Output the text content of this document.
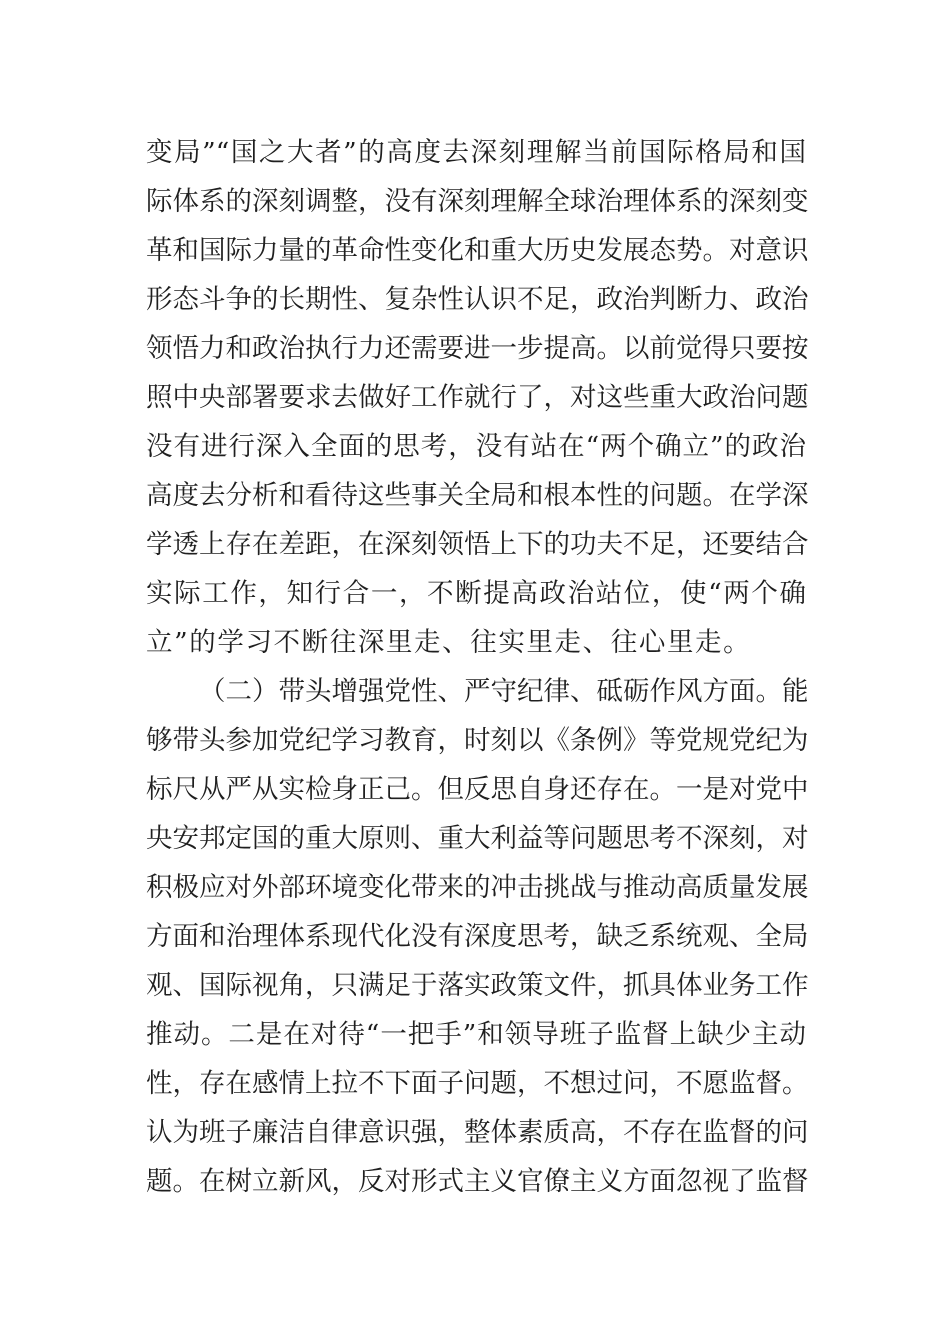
变局”“国之大者”的高度去深刻理解当前国际格局和国
际体系的深刻调整，没有深刻理解全球治理体系的深刻变
革和国际力量的革命性变化和重大历史发展态势。对意识
形态斗争的长期性、复杂性认识不足，政治判断力、政治
领悟力和政治执行力还需要进一步提高。以前觉得只要按
照中央部署要求去做好工作就行了，对这些重大政治问题
没有进行深入全面的思考，没有站在“两个确立”的政治
高度去分析和看待这些事关全局和根本性的问题。在学深
学透上存在差距，在深刻领悟上下的功夫不足，还要结合
实际工作，知行合一，不断提高政治站位，使“两个确
立”的学习不断往深里走、往实里走、往心里走。
（二）带头增强党性、严守纪律、砥砺作风方面。能
够带头参加党纪学习教育，时刻以《条例》等党规党纪为
标尺从严从实检身正己。但反思自身还存在。一是对党中
央安邦定国的重大原则、重大利益等问题思考不深刻，对
积极应对外部环境变化带来的冲击挑战与推动高质量发展
方面和治理体系现代化没有深度思考，缺乏系统观、全局
观、国际视角，只满足于落实政策文件，抓具体业务工作
推动。二是在对待“一把手”和领导班子监督上缺少主动
性，存在感情上拉不下面子问题，不想过问，不愿监督。
认为班子廉洁自律意识强，整体素质高，不存在监督的问
题。在树立新风，反对形式主义官僚主义方面忽视了监督
